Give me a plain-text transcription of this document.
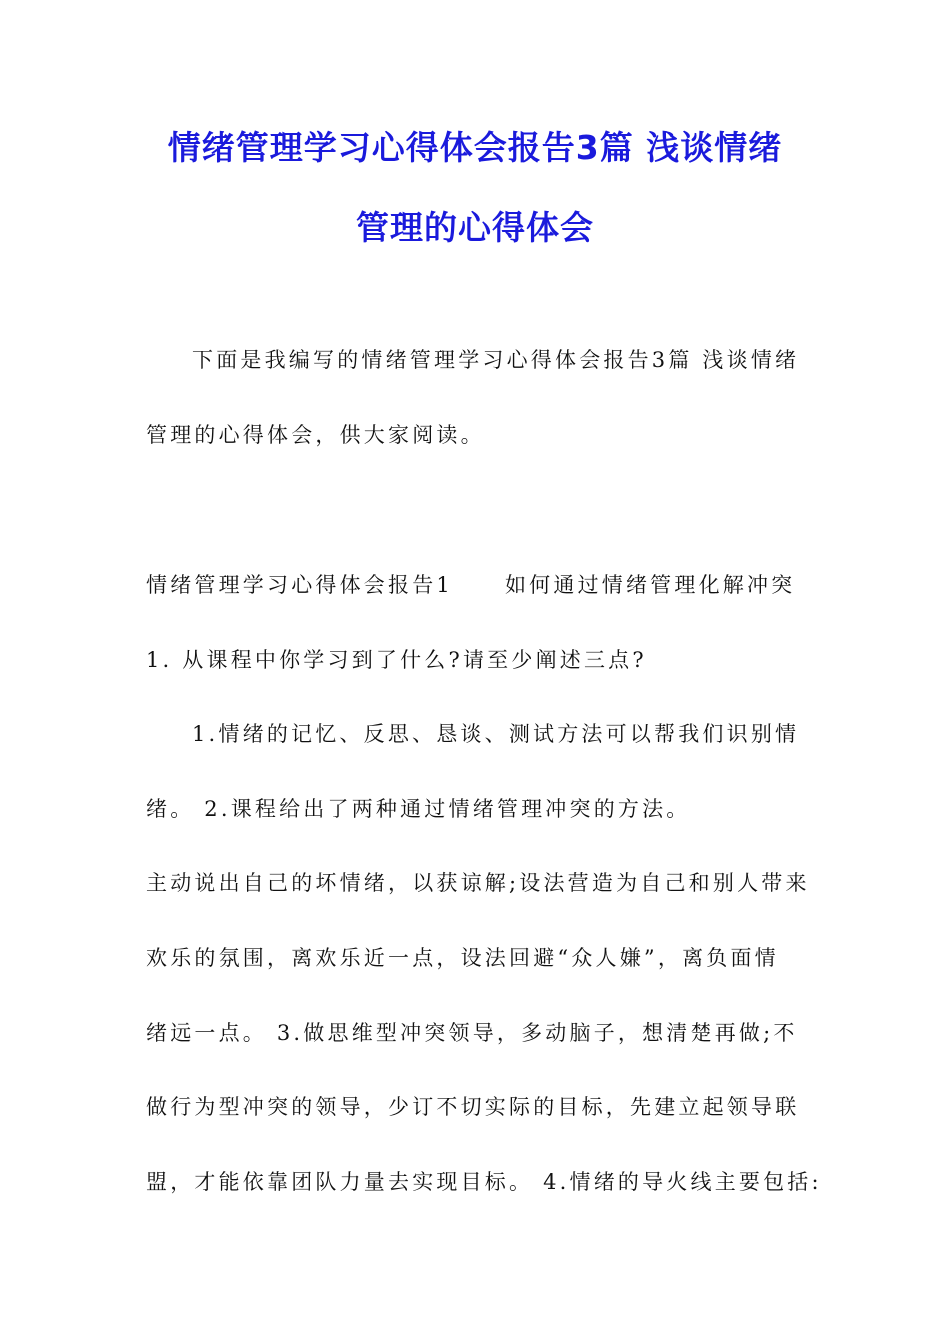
情绪管理学习心得体会报告3篇 浅谈情绪
管理的心得体会
下面是我编写的情绪管理学习心得体会报告3篇 浅谈情绪
管理的心得体会，供大家阅读。
情绪管理学习心得体会报告1 如何通过情绪管理化解冲突
1. 从课程中你学习到了什么?请至少阐述三点?
1.情绪的记忆、反思、恳谈、测试方法可以帮我们识别情
绪。 2.课程给出了两种通过情绪管理冲突的方法。
主动说出自己的坏情绪，以获谅解;设法营造为自己和别人带来
欢乐的氛围，离欢乐近一点，设法回避“众人嫌”，离负面情
绪远一点。 3.做思维型冲突领导，多动脑子，想清楚再做;不
做行为型冲突的领导，少订不切实际的目标，先建立起领导联
盟，才能依靠团队力量去实现目标。 4.情绪的导火线主要包括:
